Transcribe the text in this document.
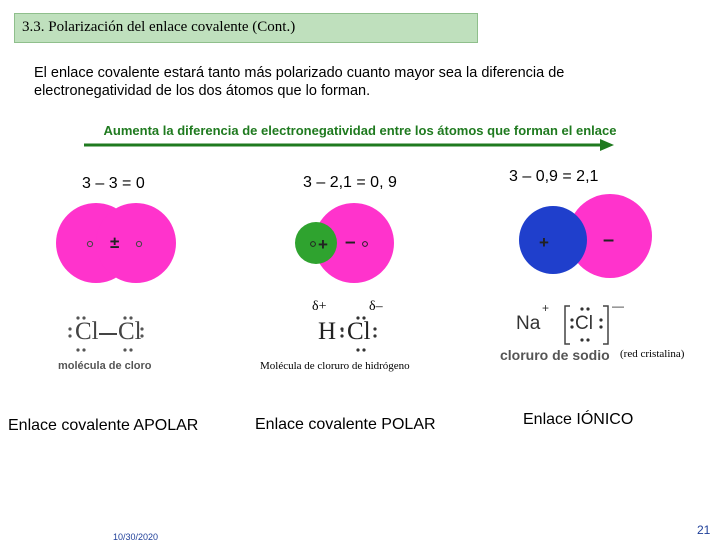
3.3. Polarización del enlace covalente (Cont.)
El enlace covalente estará tanto más polarizado cuanto mayor sea la diferencia de electronegatividad de los dos átomos que lo forman.
Aumenta la diferencia de electronegatividad entre los átomos que forman el enlace
3 – 3 = 0	3 – 2,1 = 0, 9	3 – 0,9 = 2,1
±	+ –	+	–
Cl Cl
molécula de cloro
δ+	δ–
H : Cl
Molécula de cloruro de hidrógeno
Na
+
Cl
—
cloruro de sodio (red cristalina)
Enlace covalente APOLAR	Enlace covalente POLAR	Enlace IÓNICO
10/30/2020	21
